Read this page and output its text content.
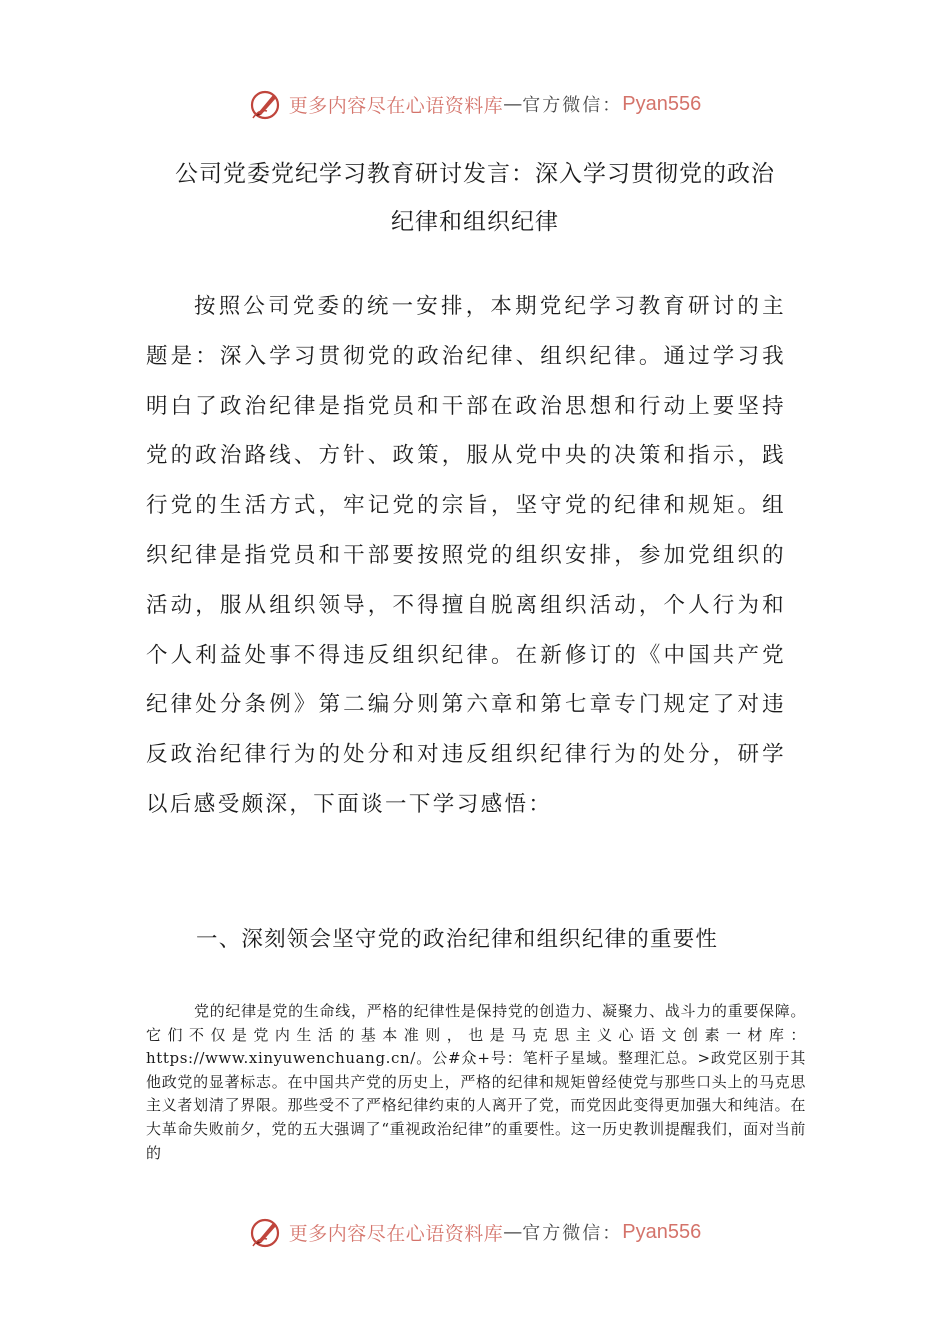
更多内容尽在心语资料库 — 官方微信： Pyan556
公司党委党纪学习教育研讨发言：深入学习贯彻党的政治
纪律和组织纪律

按照公司党委的统一安排，本期党纪学习教育研讨的主题是：深入学习贯彻党的政治纪律、组织纪律。通过学习我明白了政治纪律是指党员和干部在政治思想和行动上要坚持党的政治路线、方针、政策，服从党中央的决策和指示，践行党的生活方式，牢记党的宗旨，坚守党的纪律和规矩。组织纪律是指党员和干部要按照党的组织安排，参加党组织的活动，服从组织领导，不得擅自脱离组织活动，个人行为和个人利益处事不得违反组织纪律。在新修订的《中国共产党纪律处分条例》第二编分则第六章和第七章专门规定了对违反政治纪律行为的处分和对违反组织纪律行为的处分，研学以后感受颇深，下面谈一下学习感悟：

一、深刻领会坚守党的政治纪律和组织纪律的重要性

党的纪律是党的生命线，严格的纪律性是保持党的创造力、凝聚力、战斗力的重要保障。它们不仅是党内生活的基本准则，也是马克思主义心语文创素一材库：https://www.xinyuwenchuang.cn/。公#众+号：笔杆子星域。整理汇总。>政党区别于其他政党的显著标志。在中国共产党的历史上，严格的纪律和规矩曾经使党与那些口头上的马克思主义者划清了界限。那些受不了严格纪律约束的人离开了党，而党因此变得更加强大和纯洁。在大革命失败前夕，党的五大强调了“重视政治纪律”的重要性。这一历史教训提醒我们，面对当前的

更多内容尽在心语资料库 — 官方微信： Pyan556
